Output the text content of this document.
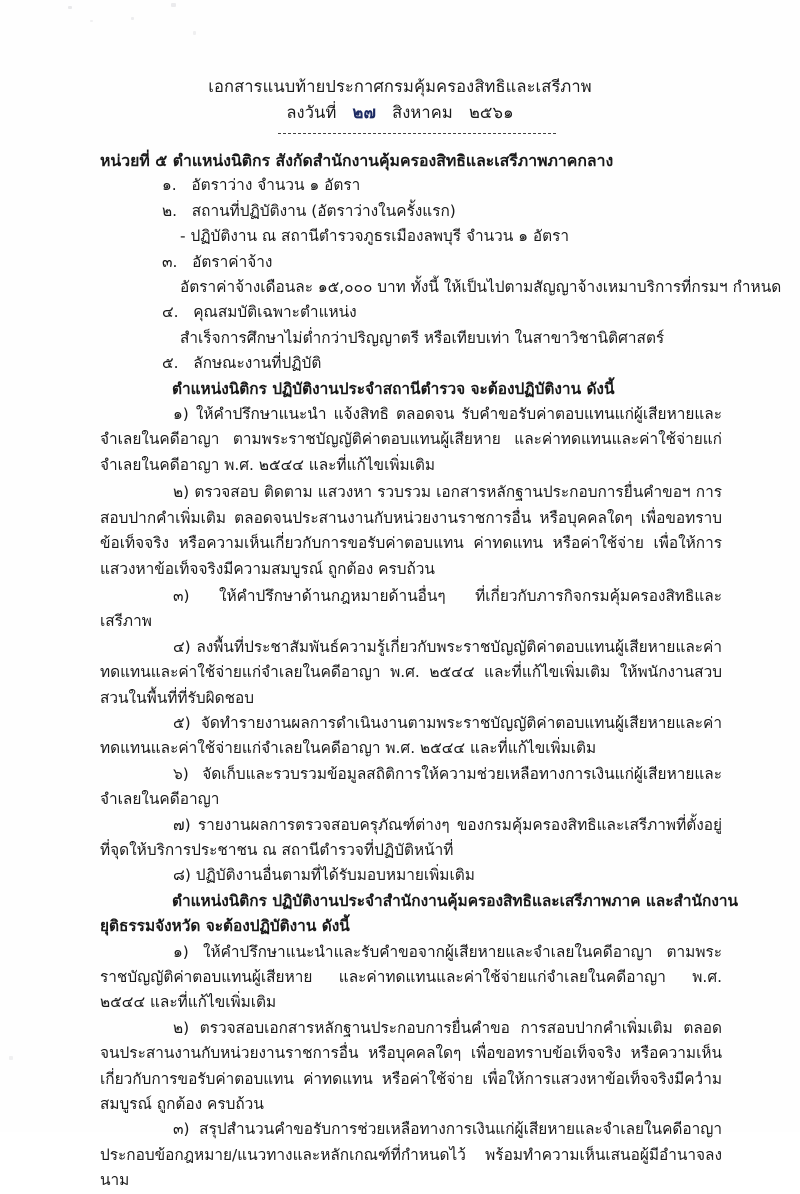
เอกสารแนบท้ายประกาศกรมคุ้มครองสิทธิและเสรีภาพ
ลงวันที่ ๒๗ สิงหาคม ๒๕๖๑
หน่วยที่ ๕ ตำแหน่งนิติกร สังกัดสำนักงานคุ้มครองสิทธิและเสรีภาพภาคกลาง
๑. อัตราว่าง จำนวน ๑ อัตรา
๒. สถานที่ปฏิบัติงาน (อัตราว่างในครั้งแรก)
- ปฏิบัติงาน ณ สถานีตำรวจภูธรเมืองลพบุรี จำนวน ๑ อัตรา
๓. อัตราค่าจ้าง
อัตราค่าจ้างเดือนละ ๑๕,๐๐๐ บาท ทั้งนี้ ให้เป็นไปตามสัญญาจ้างเหมาบริการที่กรมฯ กำหนด
๔. คุณสมบัติเฉพาะตำแหน่ง
สำเร็จการศึกษาไม่ต่ำกว่าปริญญาตรี หรือเทียบเท่า ในสาขาวิชานิติศาสตร์
๕. ลักษณะงานที่ปฏิบัติ
ตำแหน่งนิติกร ปฏิบัติงานประจำสถานีตำรวจ จะต้องปฏิบัติงาน ดังนี้

๑) ให้คำปรึกษาแนะนำ แจ้งสิทธิ ตลอดจน รับคำขอรับค่าตอบแทนแก่ผู้เสียหายและจำเลยในคดีอาญา ตามพระราชบัญญัติค่าตอบแทนผู้เสียหาย และค่าทดแทนและค่าใช้จ่ายแก่จำเลยในคดีอาญา พ.ศ. ๒๕๔๔ และที่แก้ไขเพิ่มเติม

๒) ตรวจสอบ ติดตาม แสวงหา รวบรวม เอกสารหลักฐานประกอบการยื่นคำขอฯ การสอบปากคำเพิ่มเติม ตลอดจนประสานงานกับหน่วยงานราชการอื่น หรือบุคคลใดๆ เพื่อขอทราบข้อเท็จจริง หรือความเห็นเกี่ยวกับการขอรับค่าตอบแทน ค่าทดแทน หรือค่าใช้จ่าย เพื่อให้การแสวงหาข้อเท็จจริงมีความสมบูรณ์ ถูกต้อง ครบถ้วน

๓) ให้คำปรึกษาด้านกฎหมายด้านอื่นๆ ที่เกี่ยวกับภารกิจกรมคุ้มครองสิทธิและเสรีภาพ

๔) ลงพื้นที่ประชาสัมพันธ์ความรู้เกี่ยวกับพระราชบัญญัติค่าตอบแทนผู้เสียหายและค่าทดแทนและค่าใช้จ่ายแก่จำเลยในคดีอาญา พ.ศ. ๒๕๔๔ และที่แก้ไขเพิ่มเติม ให้พนักงานสวบสวนในพื้นที่ที่รับผิดชอบ

๕) จัดทำรายงานผลการดำเนินงานตามพระราชบัญญัติค่าตอบแทนผู้เสียหายและค่าทดแทนและค่าใช้จ่ายแก่จำเลยในคดีอาญา พ.ศ. ๒๕๔๔ และที่แก้ไขเพิ่มเติม

๖) จัดเก็บและรวบรวมข้อมูลสถิติการให้ความช่วยเหลือทางการเงินแก่ผู้เสียหายและจำเลยในคดีอาญา

๗) รายงานผลการตรวจสอบครุภัณฑ์ต่างๆ ของกรมคุ้มครองสิทธิและเสรีภาพที่ตั้งอยู่ที่จุดให้บริการประชาชน ณ สถานีตำรวจที่ปฏิบัติหน้าที่

๘) ปฏิบัติงานอื่นตามที่ได้รับมอบหมายเพิ่มเติม

ตำแหน่งนิติกร ปฏิบัติงานประจำสำนักงานคุ้มครองสิทธิและเสรีภาพภาค และสำนักงาน
ยุติธรรมจังหวัด จะต้องปฏิบัติงาน ดังนี้

๑) ให้คำปรึกษาแนะนำและรับคำขอจากผู้เสียหายและจำเลยในคดีอาญา ตามพระราชบัญญัติค่าตอบแทนผู้เสียหาย และค่าทดแทนและค่าใช้จ่ายแก่จำเลยในคดีอาญา พ.ศ. ๒๕๔๔ และที่แก้ไขเพิ่มเติม

๒) ตรวจสอบเอกสารหลักฐานประกอบการยื่นคำขอ การสอบปากคำเพิ่มเติม ตลอดจนประสานงานกับหน่วยงานราชการอื่น หรือบุคคลใดๆ เพื่อขอทราบข้อเท็จจริง หรือความเห็นเกี่ยวกับการขอรับค่าตอบแทน ค่าทดแทน หรือค่าใช้จ่าย เพื่อให้การแสวงหาข้อเท็จจริงมีความสมบูรณ์ ถูกต้อง ครบถ้วน

๓) สรุปสำนวนคำขอรับการช่วยเหลือทางการเงินแก่ผู้เสียหายและจำเลยในคดีอาญาประกอบข้อกฎหมาย/แนวทางและหลักเกณฑ์ที่กำหนดไว้ พร้อมทำความเห็นเสนอผู้มีอำนาจลงนาม
